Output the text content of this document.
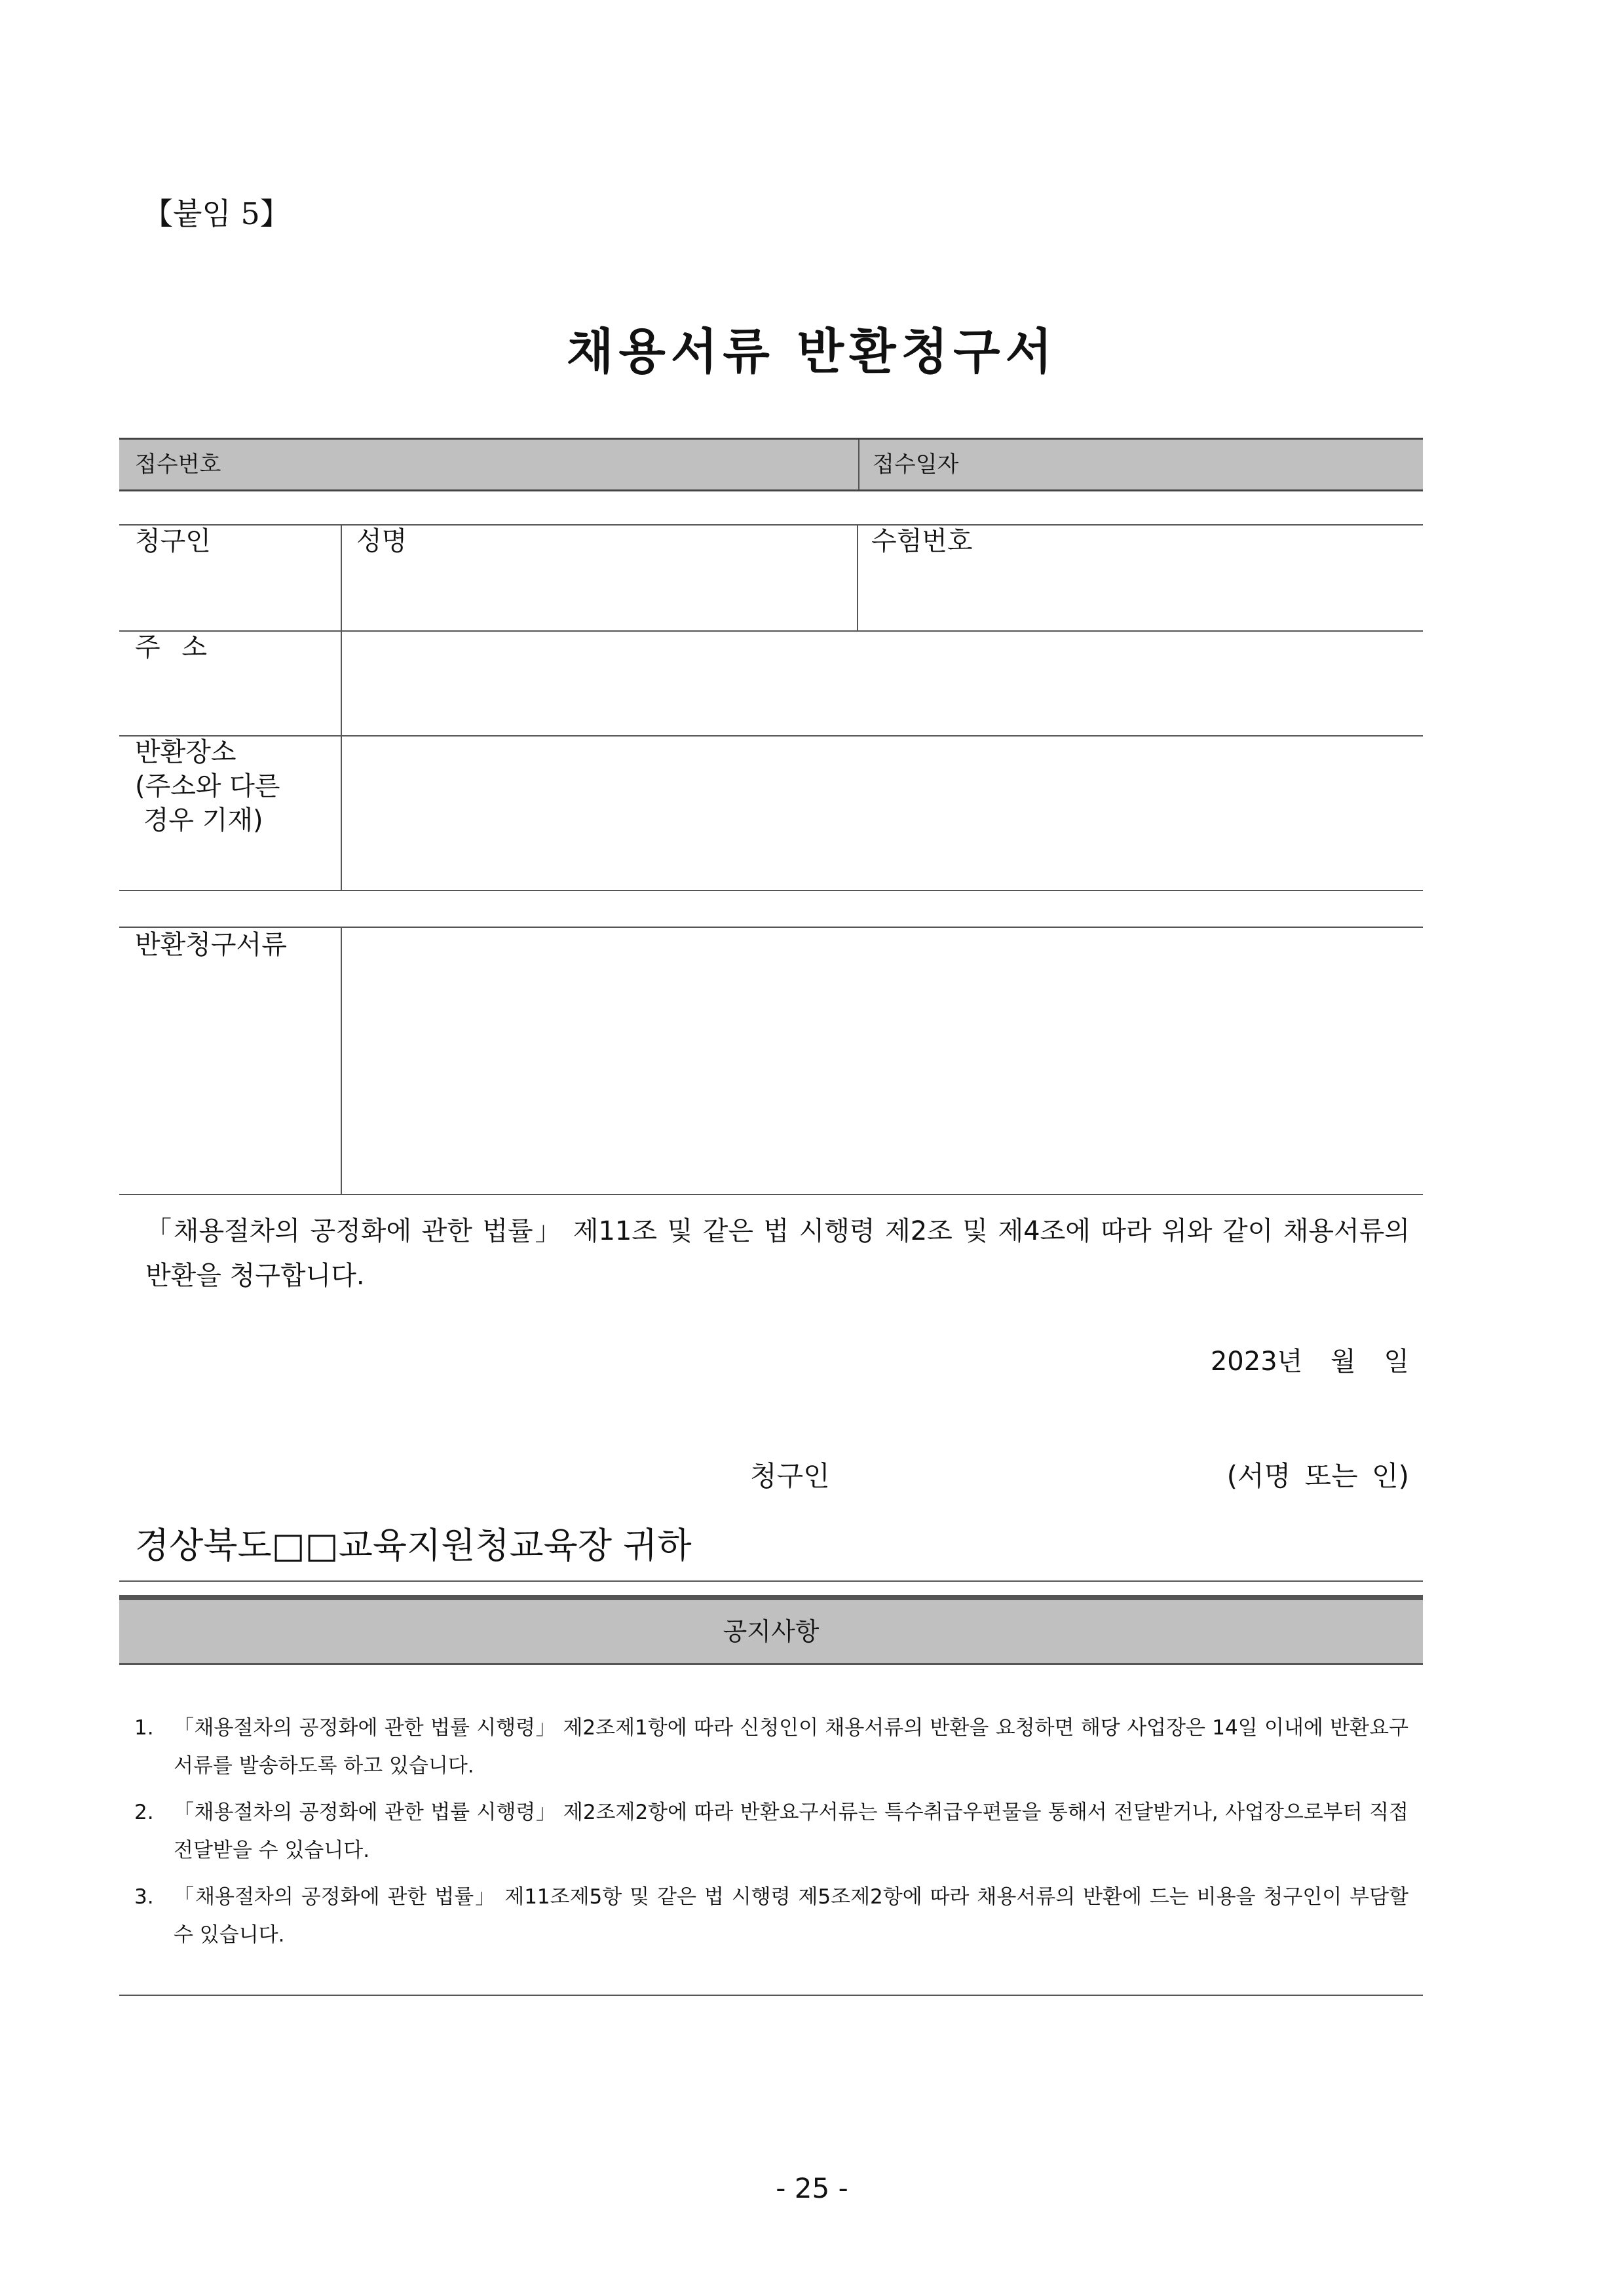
【붙임 5】
채용서류 반환청구서
접수번호	접수일자
청구인	성명	수험번호
주 소
반환장소
(주소와 다른
경우 기재)
반환청구서류
「채용절차의 공정화에 관한 법률」 제11조 및 같은 법 시행령 제2조 및 제4조에 따라 위와 같이 채용서류의 반환을 청구합니다.
2023년 월 일
청구인	(서명 또는 인)
경상북도□□교육지원청교육장 귀하
공지사항
1. 「채용절차의 공정화에 관한 법률 시행령」 제2조제1항에 따라 신청인이 채용서류의 반환을 요청하면 해당 사업장은 14일 이내에 반환요구서류를 발송하도록 하고 있습니다.
2. 「채용절차의 공정화에 관한 법률 시행령」 제2조제2항에 따라 반환요구서류는 특수취급우편물을 통해서 전달받거나, 사업장으로부터 직접 전달받을 수 있습니다.
3. 「채용절차의 공정화에 관한 법률」 제11조제5항 및 같은 법 시행령 제5조제2항에 따라 채용서류의 반환에 드는 비용을 청구인이 부담할 수 있습니다.
- 25 -
